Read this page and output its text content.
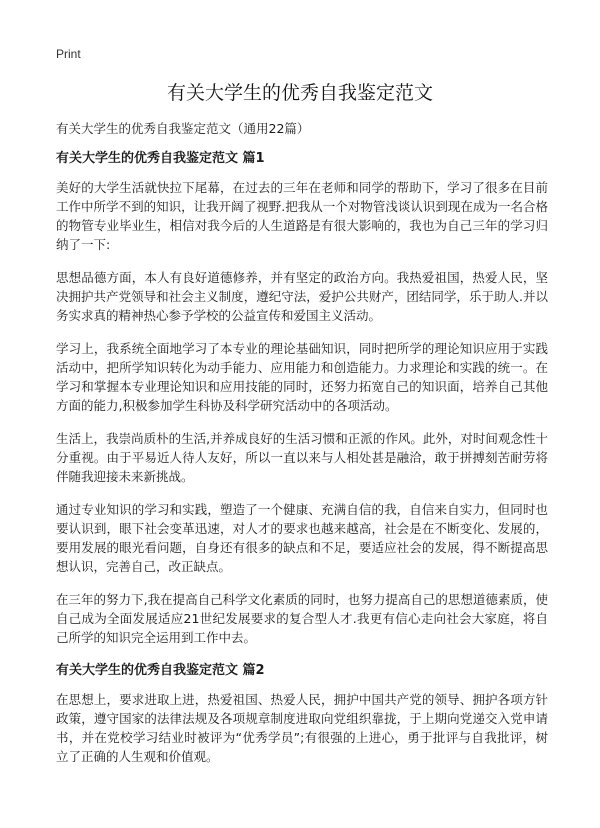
Print
有关大学生的优秀自我鉴定范文

有关大学生的优秀自我鉴定范文（通用22篇）

有关大学生的优秀自我鉴定范文 篇1

美好的大学生活就快拉下尾幕，在过去的三年在老师和同学的帮助下，学习了很多在目前工作中所学不到的知识，让我开阔了视野.把我从一个对物管浅谈认识到现在成为一名合格的物管专业毕业生，相信对我今后的人生道路是有很大影响的，我也为自己三年的学习归纳了一下:

思想品德方面，本人有良好道德修养，并有坚定的政治方向。我热爱祖国，热爱人民，坚决拥护共产党领导和社会主义制度，遵纪守法，爱护公共财产，团结同学，乐于助人.并以务实求真的精神热心参予学校的公益宣传和爱国主义活动。

学习上，我系统全面地学习了本专业的理论基础知识，同时把所学的理论知识应用于实践活动中，把所学知识转化为动手能力、应用能力和创造能力。力求理论和实践的统一。在学习和掌握本专业理论知识和应用技能的同时，还努力拓宽自己的知识面，培养自己其他方面的能力,积极参加学生科协及科学研究活动中的各项活动。

生活上，我崇尚质朴的生活,并养成良好的生活习惯和正派的作风。此外，对时间观念性十分重视。由于平易近人待人友好，所以一直以来与人相处甚是融洽，敢于拼搏刻苦耐劳将伴随我迎接未来新挑战。

通过专业知识的学习和实践，塑造了一个健康、充满自信的我，自信来自实力，但同时也要认识到，眼下社会变革迅速，对人才的要求也越来越高，社会是在不断变化、发展的，要用发展的眼光看问题，自身还有很多的缺点和不足，要适应社会的发展，得不断提高思想认识，完善自己，改正缺点。

在三年的努力下,我在提高自己科学文化素质的同时，也努力提高自己的思想道德素质，使自己成为全面发展适应21世纪发展要求的复合型人才.我更有信心走向社会大家庭，将自己所学的知识完全运用到工作中去。

有关大学生的优秀自我鉴定范文 篇2

在思想上，要求进取上进，热爱祖国、热爱人民，拥护中国共产党的领导、拥护各项方针政策，遵守国家的法律法规及各项规章制度进取向党组织靠拢，于上期向党递交入党申请书，并在党校学习结业时被评为“优秀学员”;有很强的上进心，勇于批评与自我批评，树立了正确的人生观和价值观。
